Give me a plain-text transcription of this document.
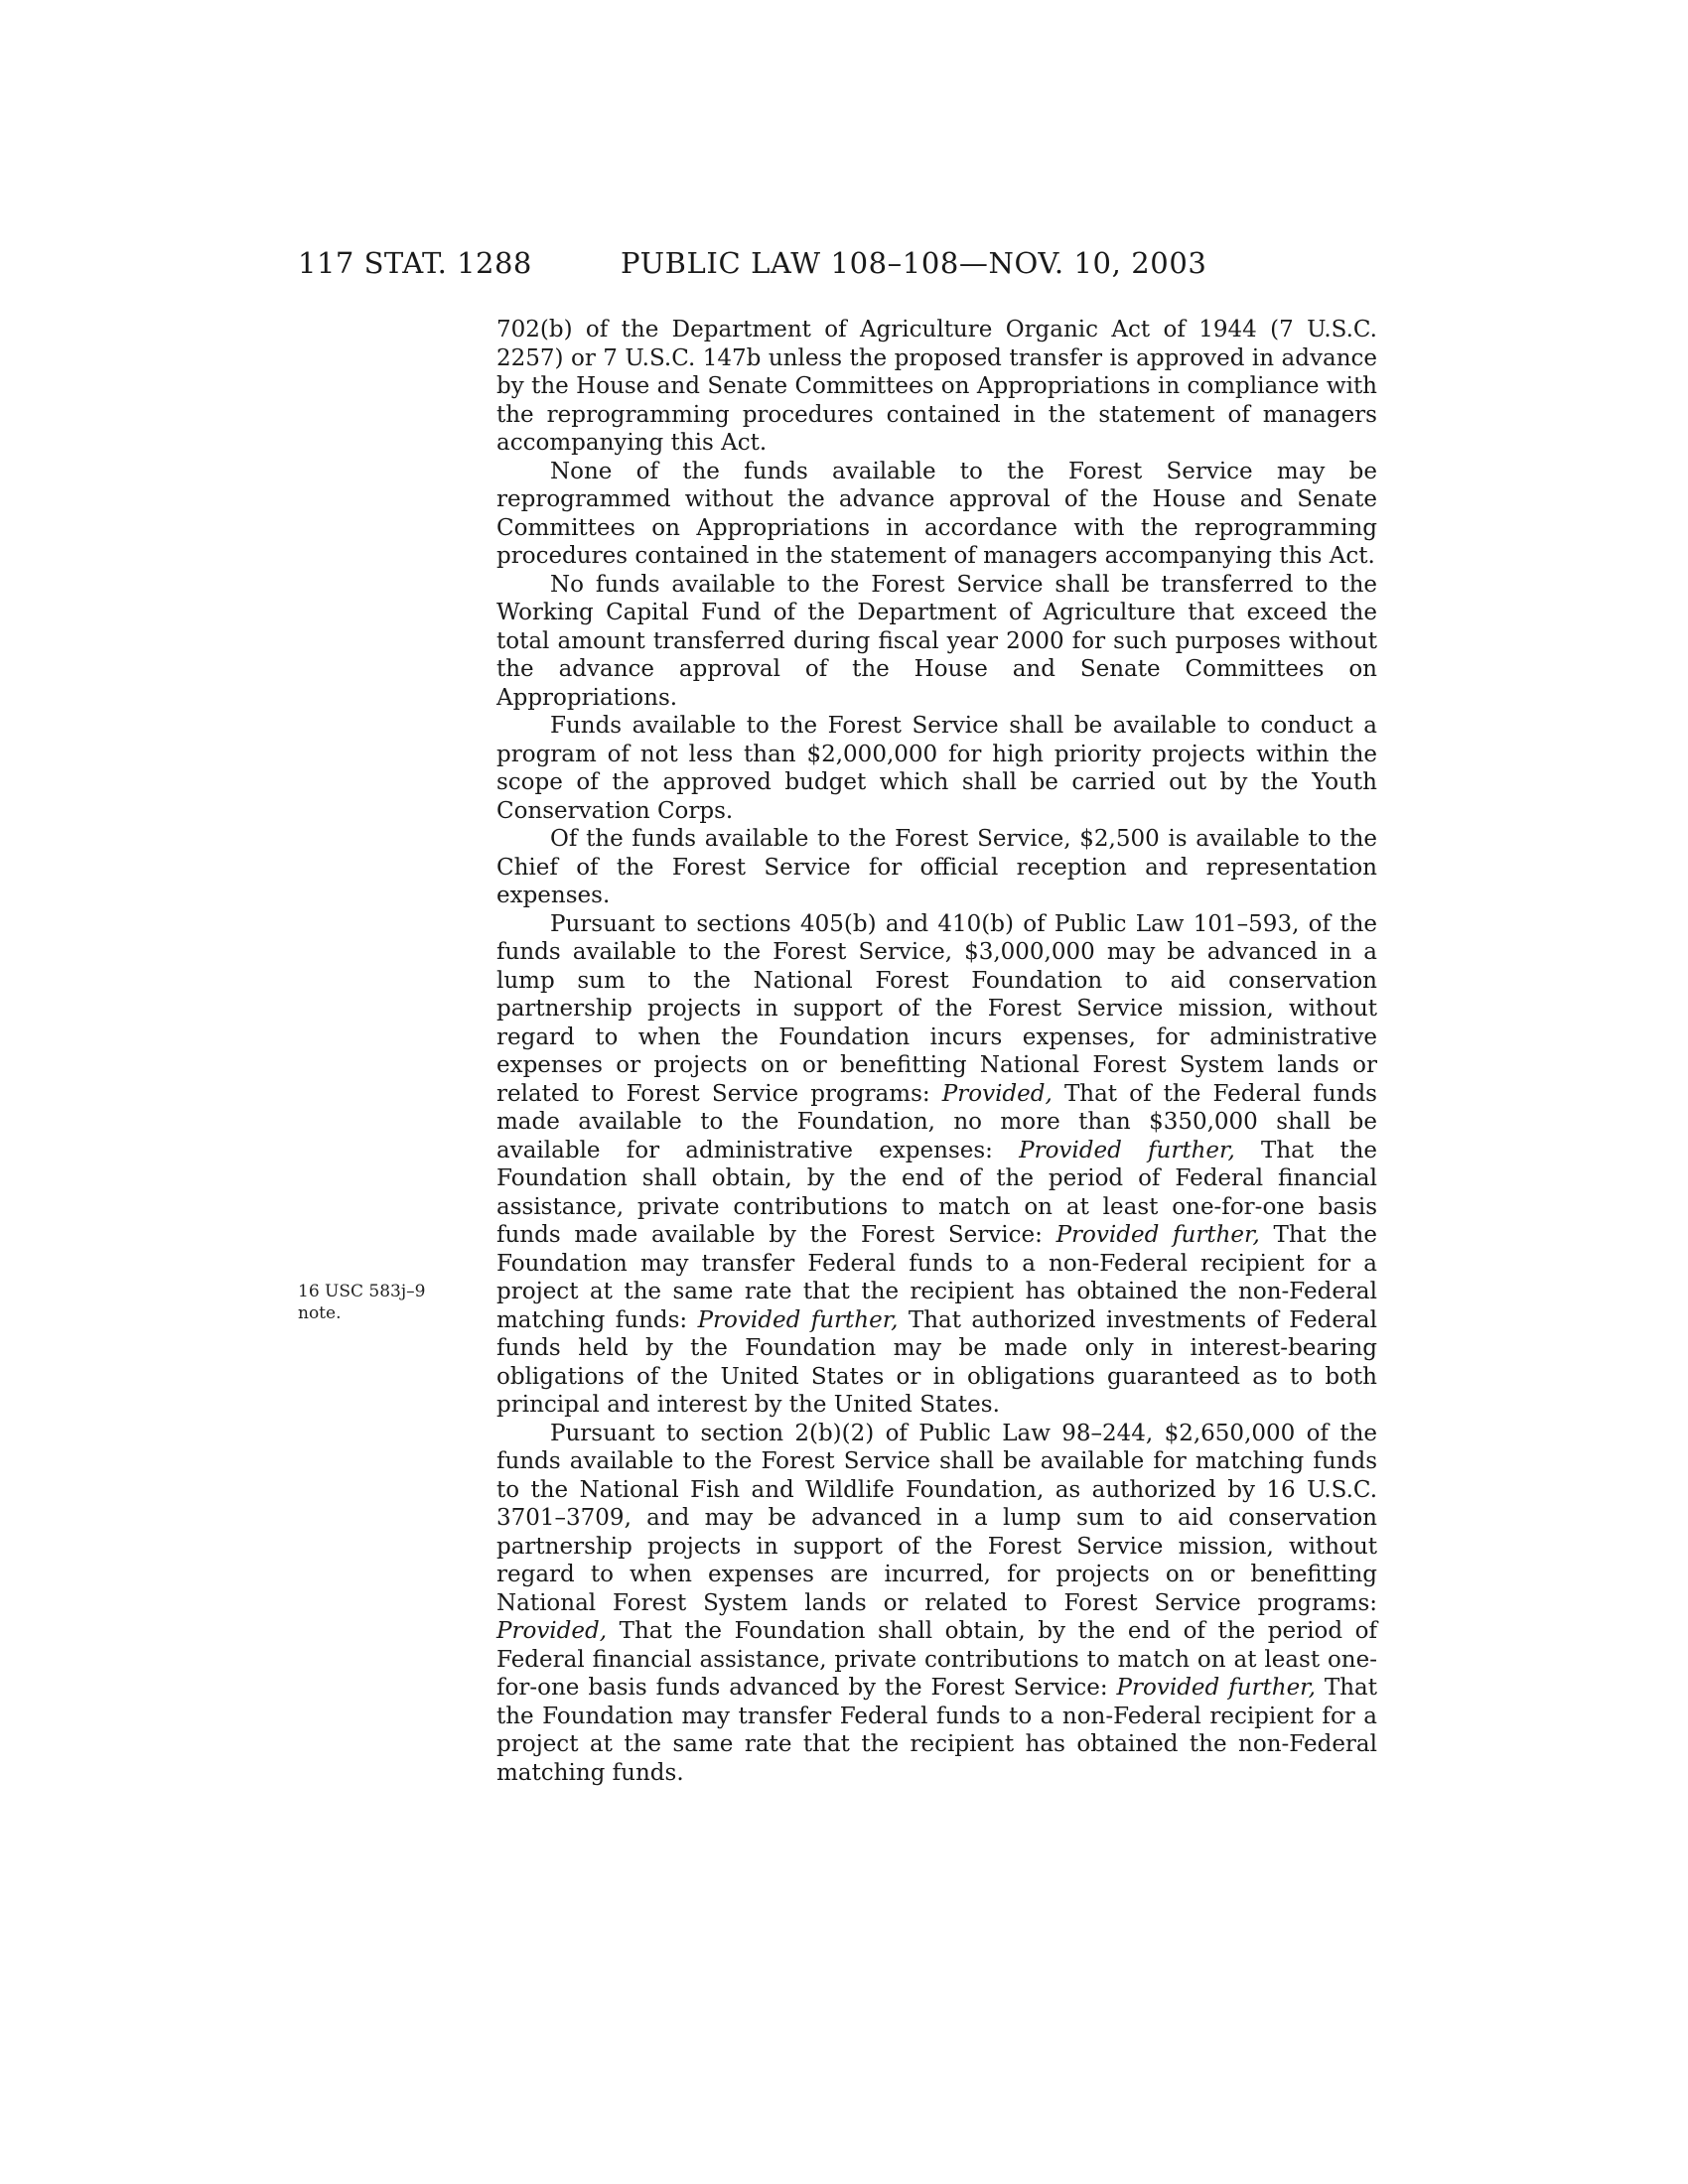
117 STAT. 1288	PUBLIC LAW 108–108—NOV. 10, 2003
16 USC 583j–9
note.

702(b) of the Department of Agriculture Organic Act of 1944 (7 U.S.C. 2257) or 7 U.S.C. 147b unless the proposed transfer is approved in advance by the House and Senate Committees on Appropriations in compliance with the reprogramming procedures contained in the statement of managers accompanying this Act.

None of the funds available to the Forest Service may be reprogrammed without the advance approval of the House and Senate Committees on Appropriations in accordance with the reprogramming procedures contained in the statement of managers accompanying this Act.

No funds available to the Forest Service shall be transferred to the Working Capital Fund of the Department of Agriculture that exceed the total amount transferred during fiscal year 2000 for such purposes without the advance approval of the House and Senate Committees on Appropriations.

Funds available to the Forest Service shall be available to conduct a program of not less than $2,000,000 for high priority projects within the scope of the approved budget which shall be carried out by the Youth Conservation Corps.

Of the funds available to the Forest Service, $2,500 is available to the Chief of the Forest Service for official reception and representation expenses.

Pursuant to sections 405(b) and 410(b) of Public Law 101–593, of the funds available to the Forest Service, $3,000,000 may be advanced in a lump sum to the National Forest Foundation to aid conservation partnership projects in support of the Forest Service mission, without regard to when the Foundation incurs expenses, for administrative expenses or projects on or benefitting National Forest System lands or related to Forest Service programs: Provided, That of the Federal funds made available to the Foundation, no more than $350,000 shall be available for administrative expenses: Provided further, That the Foundation shall obtain, by the end of the period of Federal financial assistance, private contributions to match on at least one-for-one basis funds made available by the Forest Service: Provided further, That the Foundation may transfer Federal funds to a non-Federal recipient for a project at the same rate that the recipient has obtained the non-Federal matching funds: Provided further, That authorized investments of Federal funds held by the Foundation may be made only in interest-bearing obligations of the United States or in obligations guaranteed as to both principal and interest by the United States.

Pursuant to section 2(b)(2) of Public Law 98–244, $2,650,000 of the funds available to the Forest Service shall be available for matching funds to the National Fish and Wildlife Foundation, as authorized by 16 U.S.C. 3701–3709, and may be advanced in a lump sum to aid conservation partnership projects in support of the Forest Service mission, without regard to when expenses are incurred, for projects on or benefitting National Forest System lands or related to Forest Service programs: Provided, That the Foundation shall obtain, by the end of the period of Federal financial assistance, private contributions to match on at least one-for-one basis funds advanced by the Forest Service: Provided further, That the Foundation may transfer Federal funds to a non-Federal recipient for a project at the same rate that the recipient has obtained the non-Federal matching funds.
